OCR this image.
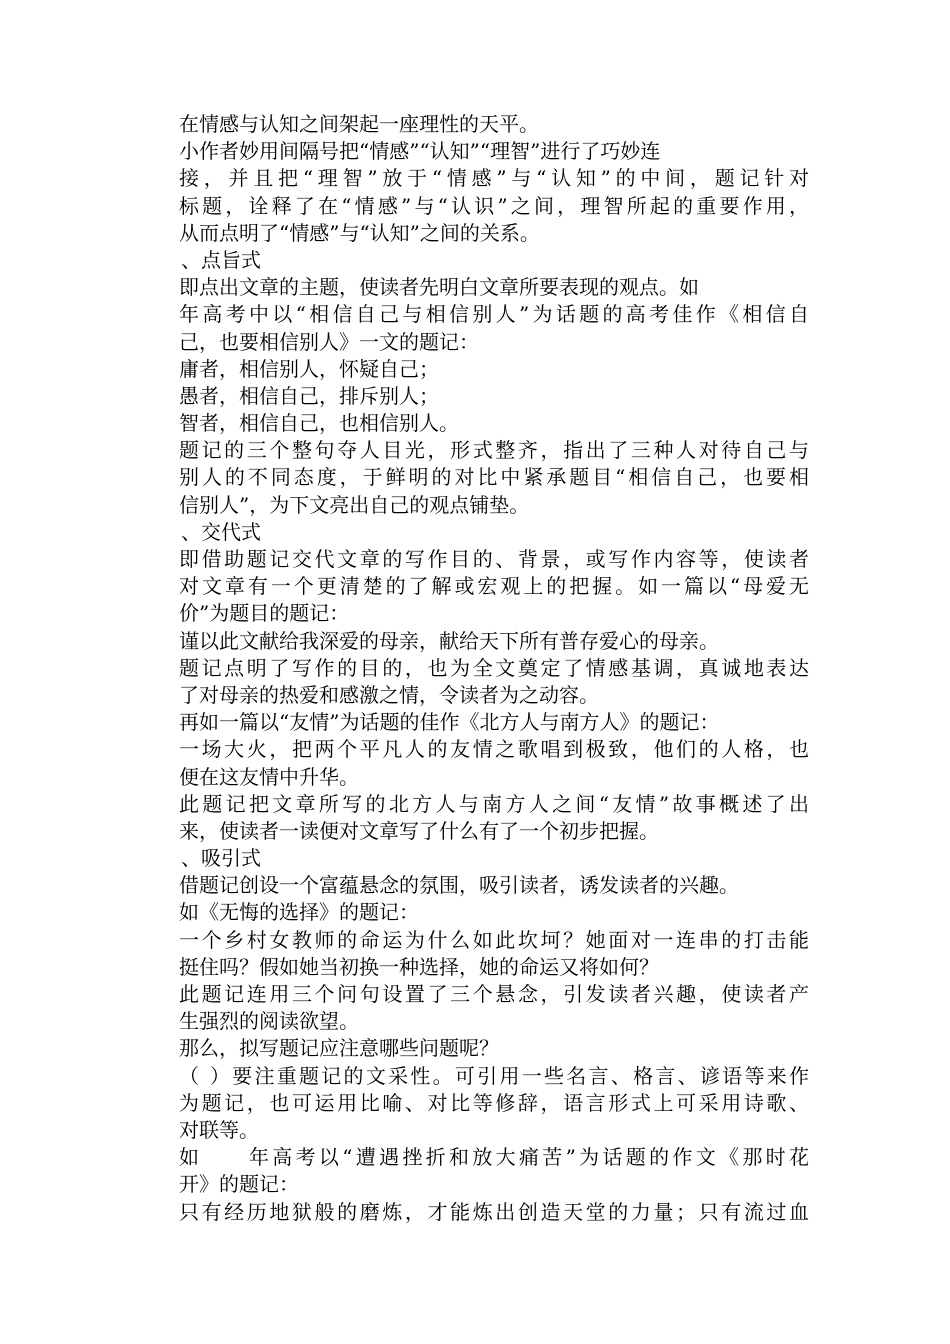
在情感与认知之间架起一座理性的天平。
小作者妙用间隔号把“情感”“认知”“理智”进行了巧妙连
接，并且把“理智”放于“情感”与“认知”的中间，题记针对
标题，诠释了在“情感”与“认识”之间，理智所起的重要作用，
从而点明了“情感”与“认知”之间的关系。
、点旨式
即点出文章的主题，使读者先明白文章所要表现的观点。如
年高考中以“相信自己与相信别人”为话题的高考佳作《相信自
己，也要相信别人》一文的题记：
庸者，相信别人，怀疑自己；
愚者，相信自己，排斥别人；
智者，相信自己，也相信别人。
题记的三个整句夺人目光，形式整齐，指出了三种人对待自己与
别人的不同态度，于鲜明的对比中紧承题目“相信自己，也要相
信别人”，为下文亮出自己的观点铺垫。
、交代式
即借助题记交代文章的写作目的、背景，或写作内容等，使读者
对文章有一个更清楚的了解或宏观上的把握。如一篇以“母爱无
价”为题目的题记：
谨以此文献给我深爱的母亲，献给天下所有普存爱心的母亲。
题记点明了写作的目的，也为全文奠定了情感基调，真诚地表达
了对母亲的热爱和感激之情，令读者为之动容。
再如一篇以“友情”为话题的佳作《北方人与南方人》的题记：
一场大火，把两个平凡人的友情之歌唱到极致，他们的人格，也
便在这友情中升华。
此题记把文章所写的北方人与南方人之间“友情”故事概述了出
来，使读者一读便对文章写了什么有了一个初步把握。
、吸引式
借题记创设一个富蕴悬念的氛围，吸引读者，诱发读者的兴趣。
如《无悔的选择》的题记：
一个乡村女教师的命运为什么如此坎坷？她面对一连串的打击能
挺住吗？假如她当初换一种选择，她的命运又将如何？
此题记连用三个问句设置了三个悬念，引发读者兴趣，使读者产
生强烈的阅读欲望。
那么，拟写题记应注意哪些问题呢？
（ ）要注重题记的文采性。可引用一些名言、格言、谚语等来作
为题记，也可运用比喻、对比等修辞，语言形式上可采用诗歌、
对联等。
如　　年高考以“遭遇挫折和放大痛苦”为话题的作文《那时花
开》的题记：
只有经历地狱般的磨炼，才能炼出创造天堂的力量；只有流过血
